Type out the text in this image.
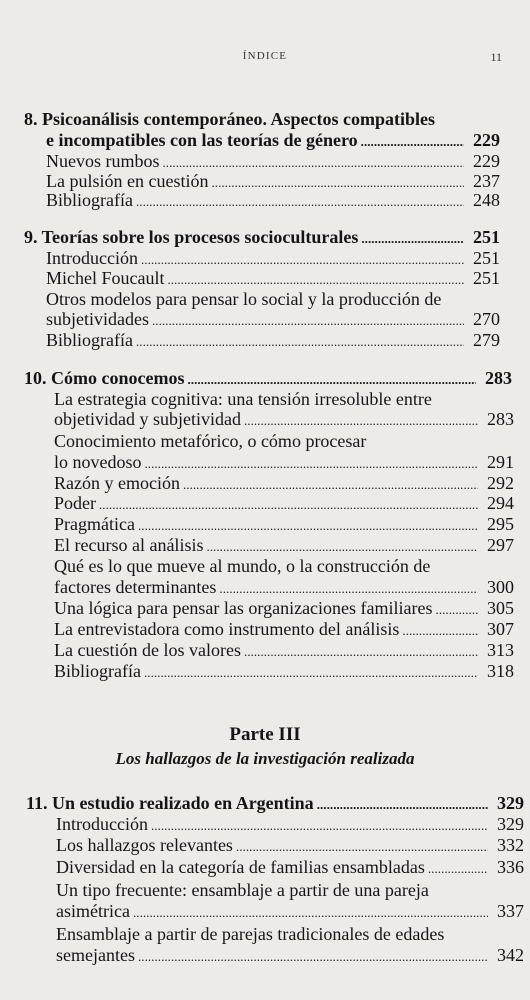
ÍNDICE	11
8. Psicoanálisis contemporáneo. Aspectos compatibles
e incompatibles con las teorías de género . . .	229
Nuevos rumbos . . .	229
La pulsión en cuestión . . .	237
Bibliografía . . .	248
9. Teorías sobre los procesos socioculturales . . .	251
Introducción . . .	251
Michel Foucault . . .	251
Otros modelos para pensar lo social y la producción de
subjetividades . . .	270
Bibliografía . . .	279
10. Cómo conocemos . . .	283
La estrategia cognitiva: una tensión irresoluble entre
objetividad y subjetividad . . .	283
Conocimiento metafórico, o cómo procesar
lo novedoso . . .	291
Razón y emoción . . .	292
Poder . . .	294
Pragmática . . .	295
El recurso al análisis . . .	297
Qué es lo que mueve al mundo, o la construcción de
factores determinantes . . .	300
Una lógica para pensar las organizaciones familiares . . .	305
La entrevistadora como instrumento del análisis . . .	307
La cuestión de los valores . . .	313
Bibliografía . . .	318
Parte III
Los hallazgos de la investigación realizada
11. Un estudio realizado en Argentina . . .	329
Introducción . . .	329
Los hallazgos relevantes . . .	332
Diversidad en la categoría de familias ensambladas . . .	336
Un tipo frecuente: ensamblaje a partir de una pareja
asimétrica . . .	337
Ensamblaje a partir de parejas tradicionales de edades
semejantes . . .	342
